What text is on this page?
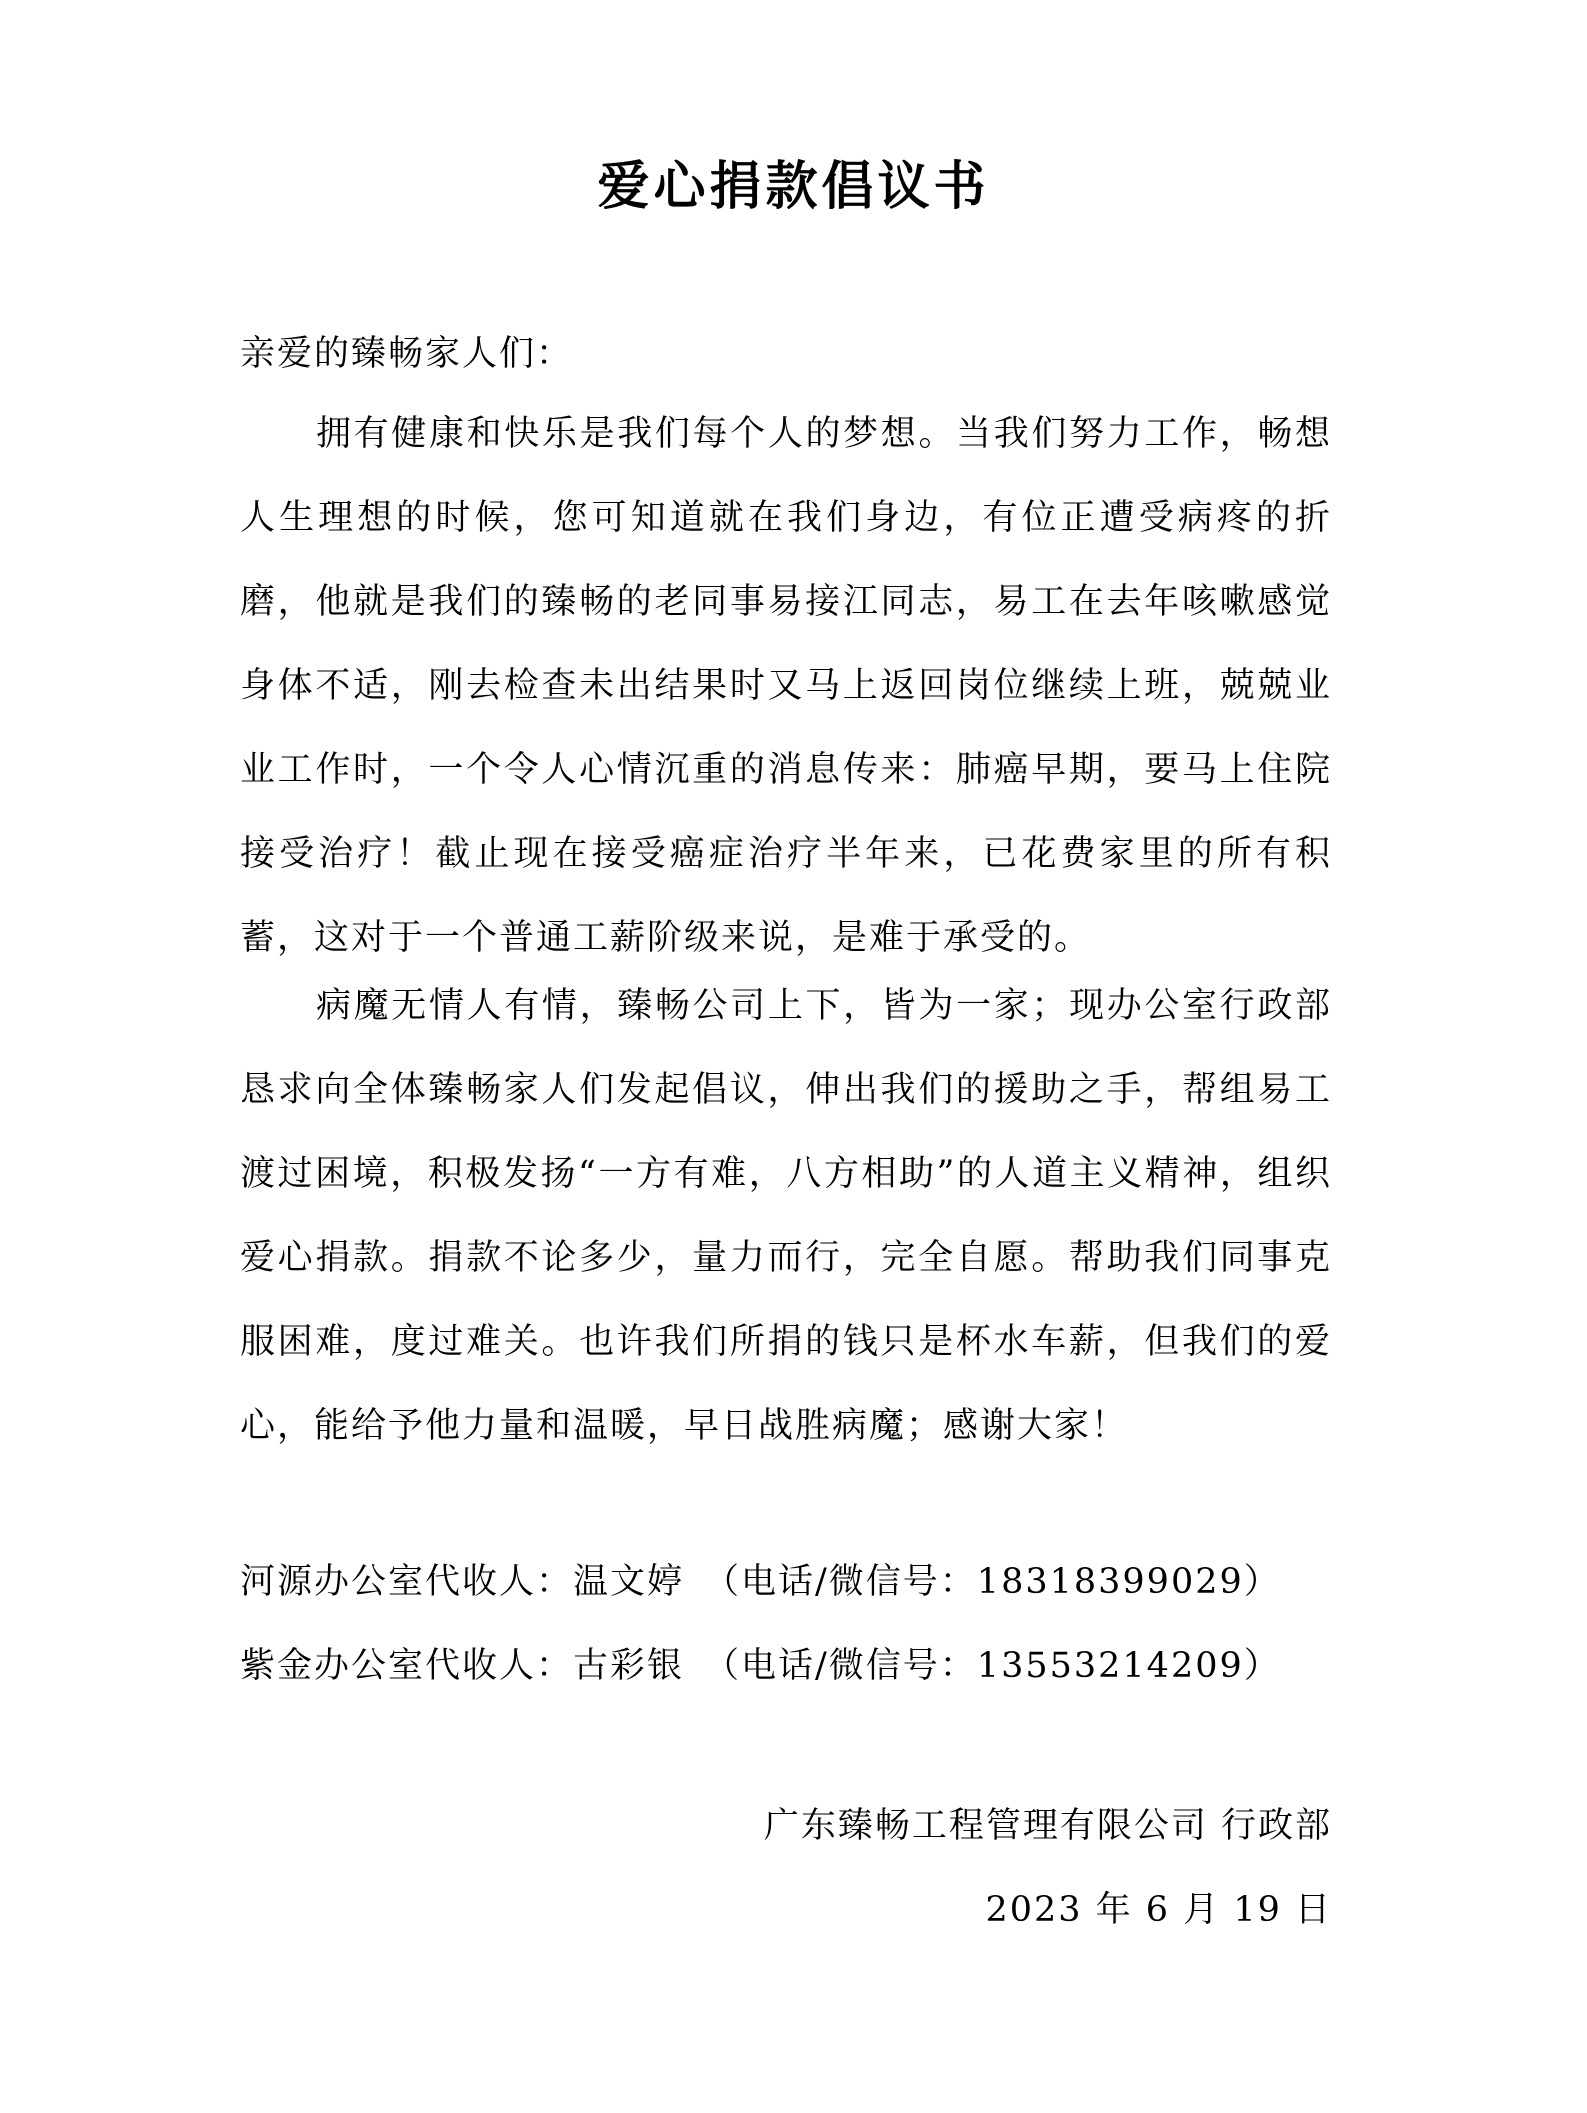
爱心捐款倡议书
亲爱的臻畅家人们：

拥有健康和快乐是我们每个人的梦想。当我们努力工作，畅想人生理想的时候，您可知道就在我们身边，有位正遭受病疼的折磨，他就是我们的臻畅的老同事易接江同志，易工在去年咳嗽感觉身体不适，刚去检查未出结果时又马上返回岗位继续上班，兢兢业业工作时，一个令人心情沉重的消息传来：肺癌早期，要马上住院接受治疗！截止现在接受癌症治疗半年来，已花费家里的所有积蓄，这对于一个普通工薪阶级来说，是难于承受的。

病魔无情人有情，臻畅公司上下，皆为一家；现办公室行政部恳求向全体臻畅家人们发起倡议，伸出我们的援助之手，帮组易工渡过困境，积极发扬“一方有难，八方相助”的人道主义精神，组织爱心捐款。捐款不论多少，量力而行，完全自愿。帮助我们同事克服困难，度过难关。也许我们所捐的钱只是杯水车薪，但我们的爱心，能给予他力量和温暖，早日战胜病魔；感谢大家！

河源办公室代收人：温文婷 （电话/微信号：18318399029）
紫金办公室代收人：古彩银 （电话/微信号：13553214209）
广东臻畅工程管理有限公司 行政部
2023 年 6 月 19 日
